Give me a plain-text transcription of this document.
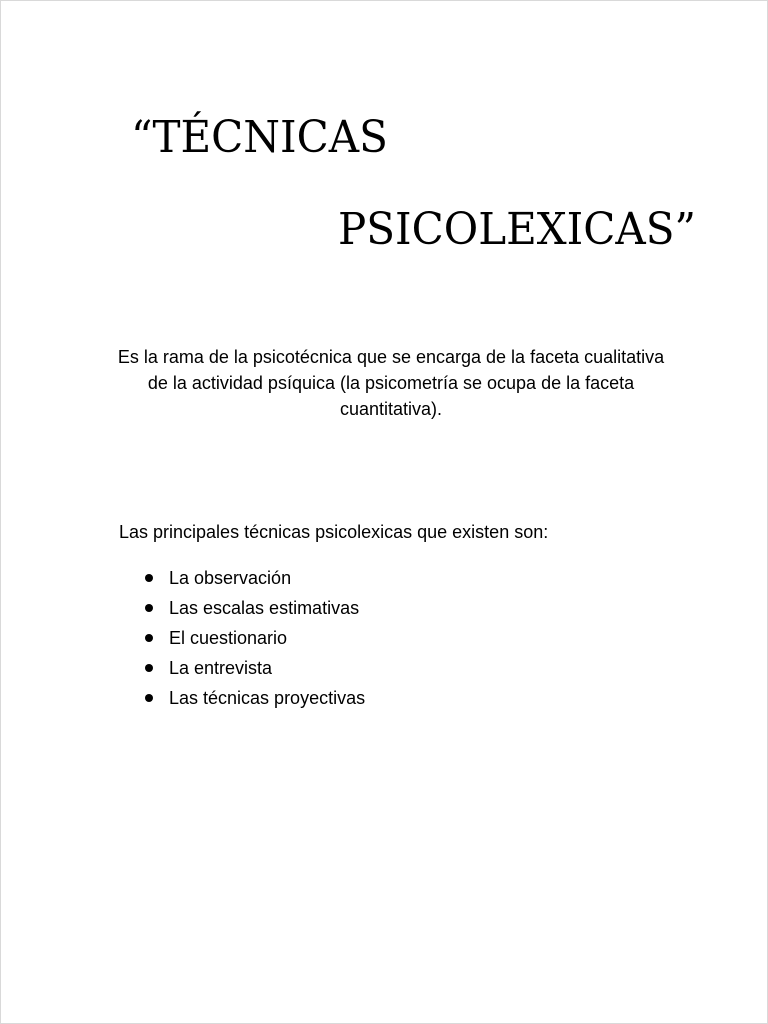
“TÉCNICAS
PSICOLEXICAS”

Es la rama de la psicotécnica que se encarga de la faceta cualitativa de la actividad psíquica (la psicometría se ocupa de la faceta cuantitativa).

Las principales técnicas psicolexicas que existen son:

La observación
Las escalas estimativas
El cuestionario
La entrevista
Las técnicas proyectivas
